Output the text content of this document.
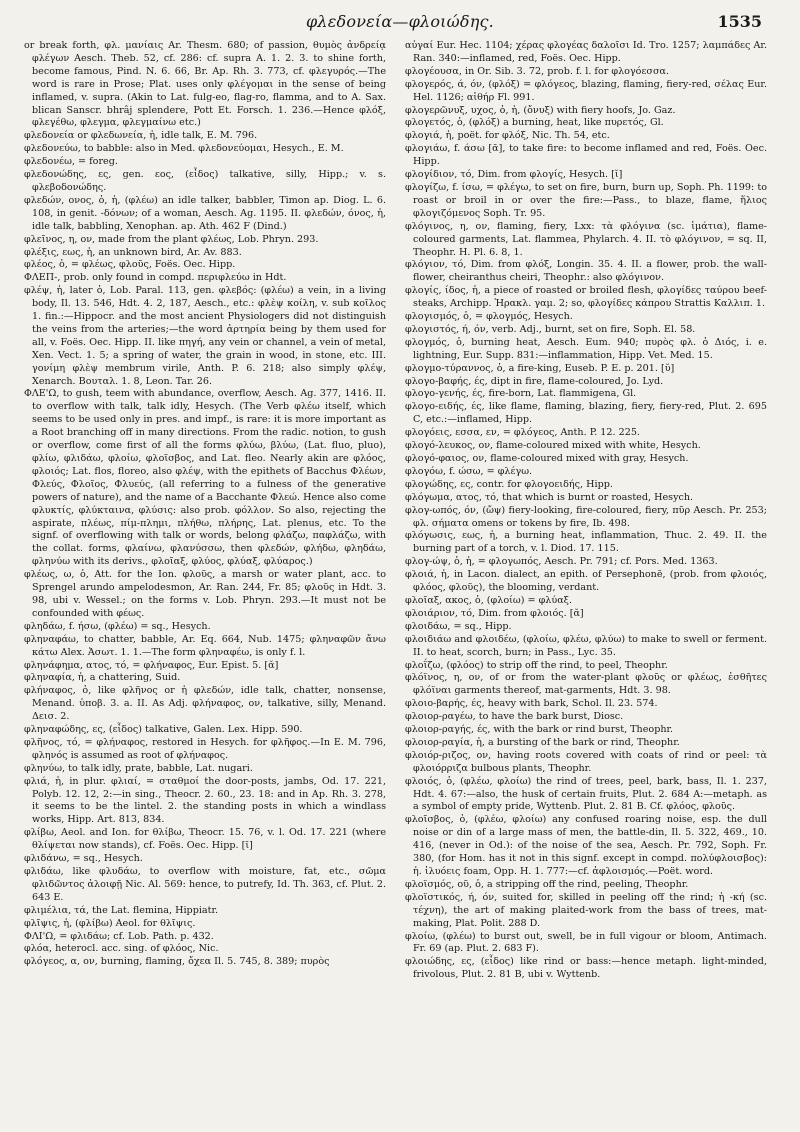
φλεδονεία—φλοιώδης.	1535

or break forth, φλ. μανίαις Ar. Thesm. 680; of passion, θυμὸς ἀνδρείᾳ φλέγων Aesch. Theb. 52, cf. 286: cf. supra A. 1. 2. 3. to shine forth, become famous, Pind. N. 6. 66, Br. Ap. Rh. 3. 773, cf. φλεγυρός.—The word is rare in Prose; Plat. uses only φλέγομαι in the sense of being inflamed, v. supra. (Akin to Lat. fulg-eo, flag-ro, flamma, and to A. Sax. blican Sanscr. bhrâj splendere, Pott Et. Forsch. 1. 236.—Hence φλόξ, φλεγέθω, φλεγμα, φλεγμαίνω etc.)

φλεδονεία or φλεδωνεία, ἡ, idle talk, E. M. 796.

φλεδονεύω, to babble: also in Med. φλεδονεύομαι, Hesych., E. M.

φλεδονέω, = foreg.

φλεδονώδης, ες, gen. εος, (εἶδος) talkative, silly, Hipp.; v. s. φλεβοδονώδης.

φλεδών, ονος, ὁ, ἡ, (φλέω) an idle talker, babbler, Timon ap. Diog. L. 6. 108, in genit. -δόνων; of a woman, Aesch. Ag. 1195. II. φλεδών, όνος, ἡ, idle talk, babbling, Xenophan. ap. Ath. 462 F (Dind.)

φλεῖνος, η, ον, made from the plant φλέως, Lob. Phryn. 293.

φλέξις, εως, ἡ, an unknown bird, Ar. Av. 883.

φλέος, ὁ, = φλέως, φλοῦς, Foës. Oec. Hipp.

ΦΛΕΠ-, prob. only found in compd. περιφλεύω in Hdt.

φλέψ, ἡ, later ὁ, Lob. Paral. 113, gen. φλεβός: (φλέω) a vein, in a living body, Il. 13. 546, Hdt. 4. 2, 187, Aesch., etc.: φλὲψ κοίλη, v. sub κοῖλος 1. fin.:—Hippocr. and the most ancient Physiologers did not distinguish the veins from the arteries;—the word ἀρτηρία being by them used for all, v. Foës. Oec. Hipp. II. like πηγή, any vein or channel, a vein of metal, Xen. Vect. 1. 5; a spring of water, the grain in wood, in stone, etc. III. γονίμη φλὲψ membrum virile, Anth. P. 6. 218; also simply φλέψ, Xenarch. Βουταλ. 1. 8, Leon. Tar. 26.

ΦΛΕ'Ω, to gush, teem with abundance, overflow, Aesch. Ag. 377, 1416. II. to overflow with talk, talk idly, Hesych. (The Verb φλέω itself, which seems to be used only in pres. and impf., is rare: it is more important as a Root branching off in many directions. From the radic. notion, to gush or overflow, come first of all the forms φλύω, βλύω, (Lat. fluo, pluo), φλίω, φλιδάω, φλοίω, φλοῖσβος, and Lat. fleo. Nearly akin are φλόος, φλοιός; Lat. flos, floreo, also φλέψ, with the epithets of Bacchus Φλέων, Φλεύς, Φλοῖος, Φλυεύς, (all referring to a fulness of the generative powers of nature), and the name of a Bacchante Φλεώ. Hence also come φλυκτίς, φλύκταινα, φλύσις: also prob. φόλλον. So also, rejecting the aspirate, πλέως, πίμ-πλημι, πλήθω, πλήρης, Lat. plenus, etc. To the signf. of overflowing with talk or words, belong φλάζω, παφλάζω, with the collat. forms, φλαίνω, φλανύσσω, then φλεδών, φλήδω, φληδάω, φληνύω with its derivs., φλοῖαξ, φλύος, φλύαξ, φλύαρος.)

φλέως, ω, ὁ, Att. for the Ion. φλοῦς, a marsh or water plant, acc. to Sprengel arundo ampelodesmon, Ar. Ran. 244, Fr. 85; φλοῦς in Hdt. 3. 98, ubi v. Wessel.; on the forms v. Lob. Phryn. 293.—It must not be confounded with φέως.

φληδάω, f. ήσω, (φλέω) = sq., Hesych.

φληναφάω, to chatter, babble, Ar. Eq. 664, Nub. 1475; φληναφῶν ἄνω κάτω Alex. Ἀσωτ. 1. 1.—The form φληναφέω, is only f. l.

φληνάφημα, ατος, τό, = φλήναφος, Eur. Epist. 5. [ᾰ]

φληναφία, ἡ, a chattering, Suid.

φλήναφος, ὁ, like φλῆνος or ἡ φλεδών, idle talk, chatter, nonsense, Menand. ὑποβ. 3. a. II. As Adj. φλήναφος, ον, talkative, silly, Menand. Δεισ. 2.

φληναφώδης, ες, (εἶδος) talkative, Galen. Lex. Hipp. 590.

φλῆνος, τό, = φλήναφος, restored in Hesych. for φλῆφος.—In E. M. 796, φληνός is assumed as root of φλήναφος.

φληνύω, to talk idly, prate, babble, Lat. nugari.

φλιά, ἡ, in plur. φλιαί, = σταθμοί the door-posts, jambs, Od. 17. 221, Polyb. 12. 12, 2:—in sing., Theocr. 2. 60., 23. 18: and in Ap. Rh. 3. 278, it seems to be the lintel. 2. the standing posts in which a windlass works, Hipp. Art. 813, 834.

φλίβω, Aeol. and Ion. for θλίβω, Theocr. 15. 76, v. l. Od. 17. 221 (where θλίψεται now stands), cf. Foës. Oec. Hipp. [ῑ]

φλιδάνω, = sq., Hesych.

φλιδάω, like φλυδάω, to overflow with moisture, fat, etc., σῶμα φλιδῶντος ἀλοιφῇ Nic. Al. 569: hence, to putrefy, Id. Th. 363, cf. Plut. 2. 643 E.

φλιμέλια, τά, the Lat. flemina, Hippiatr.

φλῖψις, ἡ, (φλίβω) Aeol. for θλῖψις.

ΦΛΙ'Ω, = φλιδάω; cf. Lob. Path. p. 432.

φλόα, heterocl. acc. sing. of φλόος, Nic.

φλόγεος, α, ον, burning, flaming, ὄχεα Il. 5. 745, 8. 389; πυρὸς

αὐγαί Eur. Hec. 1104; χέρας φλογέας δαλοῖσι Id. Tro. 1257; λαμπάδες Ar. Ran. 340:—inflamed, red, Foës. Oec. Hipp.

φλογέουσα, in Or. Sib. 3. 72, prob. f. l. for φλογόεσσα.

φλογερός, ά, όν, (φλόξ) = φλόγεος, blazing, flaming, fiery-red, σέλας Eur. Hel. 1126; αἰθήρ Fl. 991.

φλογερῶνυξ, υχος, ὁ, ἡ, (ὄνυξ) with fiery hoofs, Jo. Gaz.

φλογετός, ὁ, (φλόξ) a burning, heat, like πυρετός, Gl.

φλογιά, ἡ, poët. for φλόξ, Nic. Th. 54, etc.

φλογιάω, f. άσω [ᾱ], to take fire: to become inflamed and red, Foës. Oec. Hipp.

φλογίδιον, τό, Dim. from φλογίς, Hesych. [ῐ]

φλογίζω, f. ίσω, = φλέγω, to set on fire, burn, burn up, Soph. Ph. 1199: to roast or broil in or over the fire:—Pass., to blaze, flame, ἥλιος φλογιζόμενος Soph. Tr. 95.

φλόγινος, η, ον, flaming, fiery, Lxx: τὰ φλόγινα (sc. ἱμάτια), flame-coloured garments, Lat. flammea, Phylarch. 4. II. τὸ φλόγινον, = sq. II, Theophr. H. Pl. 6. 8, 1.

φλόγιον, τό, Dim. from φλόξ, Longin. 35. 4. II. a flower, prob. the wall-flower, cheiranthus cheiri, Theophr.: also φλόγινον.

φλογίς, ίδος, ἡ, a piece of roasted or broiled flesh, φλογίδες ταύρου beef-steaks, Archipp. Ἡρακλ. γαμ. 2; so, φλογίδες κάπρου Strattis Καλλιπ. 1.

φλογισμός, ὁ, = φλογμός, Hesych.

φλογιστός, ή, όν, verb. Adj., burnt, set on fire, Soph. El. 58.

φλογμός, ὁ, burning heat, Aesch. Eum. 940; πυρὸς φλ. ὁ Διός, i. e. lightning, Eur. Supp. 831:—inflammation, Hipp. Vet. Med. 15.

φλογμο-τύραννος, ὁ, a fire-king, Euseb. P. E. p. 201. [ῠ]

φλογο-βαφής, ές, dipt in fire, flame-coloured, Jo. Lyd.

φλογο-γενής, ές, fire-born, Lat. flammigena, Gl.

φλογο-ειδής, ές, like flame, flaming, blazing, fiery, fiery-red, Plut. 2. 695 C, etc.:—inflamed, Hipp.

φλογόεις, εσσα, εν, = φλόγεος, Anth. P. 12. 225.

φλογό-λευκος, ον, flame-coloured mixed with white, Hesych.

φλογό-φαιος, ον, flame-coloured mixed with gray, Hesych.

φλογόω, f. ώσω, = φλέγω.

φλογώδης, ες, contr. for φλογοειδής, Hipp.

φλόγωμα, ατος, τό, that which is burnt or roasted, Hesych.

φλογ-ωπός, όν, (ὤψ) fiery-looking, fire-coloured, fiery, πῦρ Aesch. Pr. 253; φλ. σήματα omens or tokens by fire, Ib. 498.

φλόγωσις, εως, ἡ, a burning heat, inflammation, Thuc. 2. 49. II. the burning part of a torch, v. l. Diod. 17. 115.

φλογ-ώψ, ὁ, ἡ, = φλογωπός, Aesch. Pr. 791; cf. Pors. Med. 1363.

φλοιά, ἡ, in Lacon. dialect, an epith. of Persephonē, (prob. from φλοιός, φλόος, φλοῦς), the blooming, verdant.

φλοῖαξ, ακος, ὁ, (φλοίω) = φλύαξ.

φλοιάριον, τό, Dim. from φλοιός. [ᾰ]

φλοιδάω, = sq., Hipp.

φλοιδιάω and φλοιδέω, (φλοίω, φλέω, φλύω) to make to swell or ferment. II. to heat, scorch, burn; in Pass., Lyc. 35.

φλοΐζω, (φλόος) to strip off the rind, to peel, Theophr.

φλόϊνος, η, ον, of or from the water-plant φλοῦς or φλέως, ἐσθῆτες φλόϊναι garments thereof, mat-garments, Hdt. 3. 98.

φλοιο-βαρής, ές, heavy with bark, Schol. Il. 23. 574.

φλοιορ-ραγέω, to have the bark burst, Diosc.

φλοιορ-ραγής, ές, with the bark or rind burst, Theophr.

φλοιορ-ραγία, ἡ, a bursting of the bark or rind, Theophr.

φλοιόρ-ριζος, ον, having roots covered with coats of rind or peel: τὰ φλοιόρριζα bulbous plants, Theophr.

φλοιός, ὁ, (φλέω, φλοίω) the rind of trees, peel, bark, bass, Il. 1. 237, Hdt. 4. 67:—also, the husk of certain fruits, Plut. 2. 684 A:—metaph. as a symbol of empty pride, Wyttenb. Plut. 2. 81 B. Cf. φλόος, φλοῦς.

φλοῖσβος, ὁ, (φλέω, φλοίω) any confused roaring noise, esp. the dull noise or din of a large mass of men, the battle-din, Il. 5. 322, 469., 10. 416, (never in Od.): of the noise of the sea, Aesch. Pr. 792, Soph. Fr. 380, (for Hom. has it not in this signf. except in compd. πολύφλοισβος): ἡ. ἰλυόεις foam, Opp. H. 1. 777:—cf. ἀφλοισμός.—Poët. word.

φλοϊσμός, οῦ, ὁ, a stripping off the rind, peeling, Theophr.

φλοϊστικός, ή, όν, suited for, skilled in peeling off the rind; ἡ -κή (sc. τέχνη), the art of making plaited-work from the bass of trees, mat-making, Plat. Polit. 288 D.

φλοίω, (φλέω) to burst out, swell, be in full vigour or bloom, Antimach. Fr. 69 (ap. Plut. 2. 683 F).

φλοιώδης, ες, (εἶδος) like rind or bass:—hence metaph. light-minded, frivolous, Plut. 2. 81 B, ubi v. Wyttenb.
